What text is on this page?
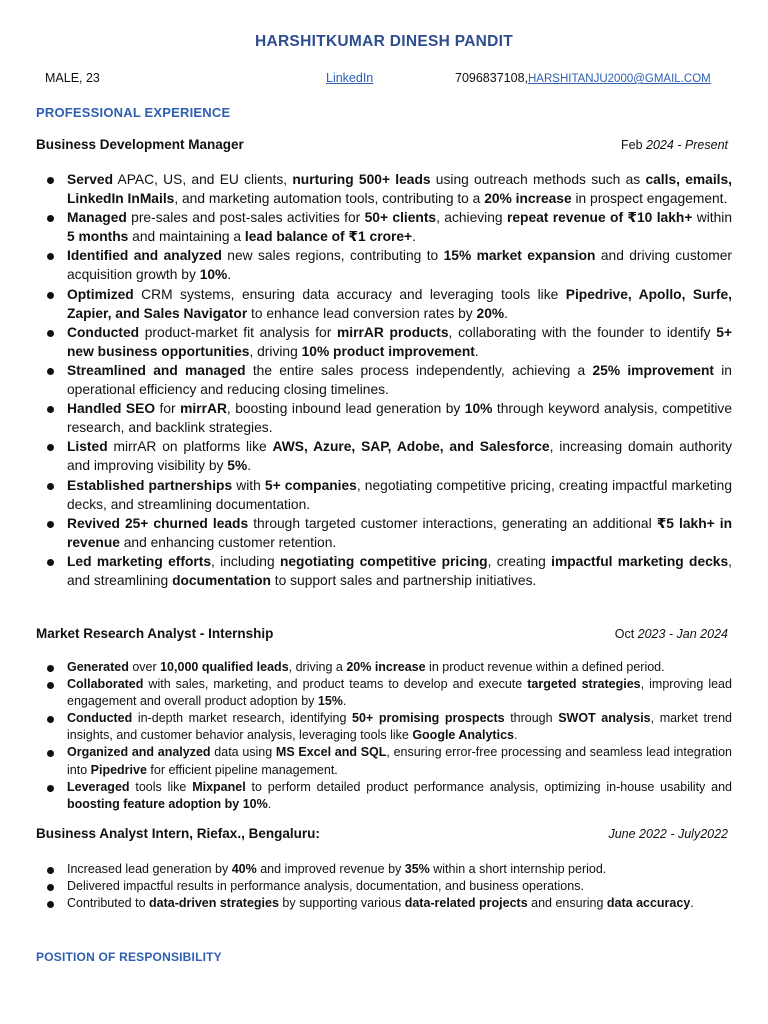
HARSHITKUMAR DINESH PANDIT
MALE, 23	LinkedIn	7096837108,HARSHITANJU2000@GMAIL.COM
PROFESSIONAL EXPERIENCE
Business Development Manager	Feb 2024 - Present
Served APAC, US, and EU clients, nurturing 500+ leads using outreach methods such as calls, emails, LinkedIn InMails, and marketing automation tools, contributing to a 20% increase in prospect engagement.
Managed pre-sales and post-sales activities for 50+ clients, achieving repeat revenue of ₹10 lakh+ within 5 months and maintaining a lead balance of ₹1 crore+.
Identified and analyzed new sales regions, contributing to 15% market expansion and driving customer acquisition growth by 10%.
Optimized CRM systems, ensuring data accuracy and leveraging tools like Pipedrive, Apollo, Surfe, Zapier, and Sales Navigator to enhance lead conversion rates by 20%.
Conducted product-market fit analysis for mirrAR products, collaborating with the founder to identify 5+ new business opportunities, driving 10% product improvement.
Streamlined and managed the entire sales process independently, achieving a 25% improvement in operational efficiency and reducing closing timelines.
Handled SEO for mirrAR, boosting inbound lead generation by 10% through keyword analysis, competitive research, and backlink strategies.
Listed mirrAR on platforms like AWS, Azure, SAP, Adobe, and Salesforce, increasing domain authority and improving visibility by 5%.
Established partnerships with 5+ companies, negotiating competitive pricing, creating impactful marketing decks, and streamlining documentation.
Revived 25+ churned leads through targeted customer interactions, generating an additional ₹5 lakh+ in revenue and enhancing customer retention.
Led marketing efforts, including negotiating competitive pricing, creating impactful marketing decks, and streamlining documentation to support sales and partnership initiatives.
Market Research Analyst - Internship	Oct 2023 - Jan 2024
Generated over 10,000 qualified leads, driving a 20% increase in product revenue within a defined period.
Collaborated with sales, marketing, and product teams to develop and execute targeted strategies, improving lead engagement and overall product adoption by 15%.
Conducted in-depth market research, identifying 50+ promising prospects through SWOT analysis, market trend insights, and customer behavior analysis, leveraging tools like Google Analytics.
Organized and analyzed data using MS Excel and SQL, ensuring error-free processing and seamless lead integration into Pipedrive for efficient pipeline management.
Leveraged tools like Mixpanel to perform detailed product performance analysis, optimizing in-house usability and boosting feature adoption by 10%.
Business Analyst Intern, Riefax., Bengaluru:	June 2022 - July2022
Increased lead generation by 40% and improved revenue by 35% within a short internship period.
Delivered impactful results in performance analysis, documentation, and business operations.
Contributed to data-driven strategies by supporting various data-related projects and ensuring data accuracy.
POSITION OF RESPONSIBILITY
